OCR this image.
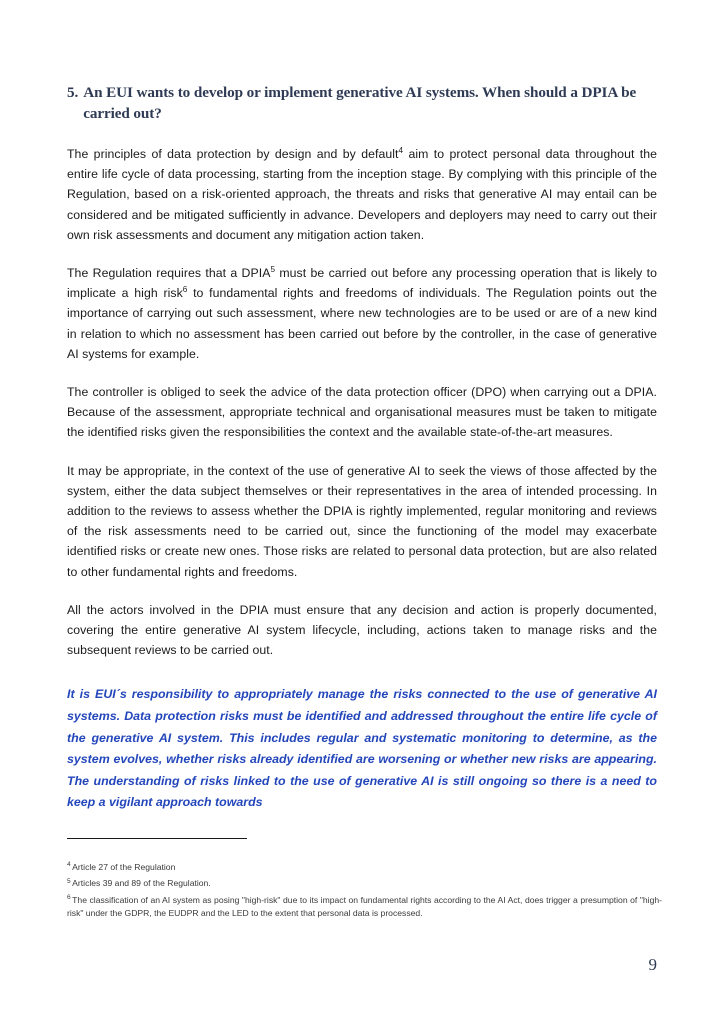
5. An EUI wants to develop or implement generative AI systems. When should a DPIA be carried out?

The principles of data protection by design and by default$^4$ aim to protect personal data throughout the entire life cycle of data processing, starting from the inception stage. By complying with this principle of the Regulation, based on a risk-oriented approach, the threats and risks that generative AI may entail can be considered and be mitigated sufficiently in advance. Developers and deployers may need to carry out their own risk assessments and document any mitigation action taken.

The Regulation requires that a DPIA$^5$ must be carried out before any processing operation that is likely to implicate a high risk$^6$ to fundamental rights and freedoms of individuals. The Regulation points out the importance of carrying out such assessment, where new technologies are to be used or are of a new kind in relation to which no assessment has been carried out before by the controller, in the case of generative AI systems for example.

The controller is obliged to seek the advice of the data protection officer (DPO) when carrying out a DPIA. Because of the assessment, appropriate technical and organisational measures must be taken to mitigate the identified risks given the responsibilities the context and the available state-of-the-art measures.

It may be appropriate, in the context of the use of generative AI to seek the views of those affected by the system, either the data subject themselves or their representatives in the area of intended processing. In addition to the reviews to assess whether the DPIA is rightly implemented, regular monitoring and reviews of the risk assessments need to be carried out, since the functioning of the model may exacerbate identified risks or create new ones. Those risks are related to personal data protection, but are also related to other fundamental rights and freedoms.

All the actors involved in the DPIA must ensure that any decision and action is properly documented, covering the entire generative AI system lifecycle, including, actions taken to manage risks and the subsequent reviews to be carried out.

It is EUI´s responsibility to appropriately manage the risks connected to the use of generative AI systems. Data protection risks must be identified and addressed throughout the entire life cycle of the generative AI system. This includes regular and systematic monitoring to determine, as the system evolves, whether risks already identified are worsening or whether new risks are appearing. The understanding of risks linked to the use of generative AI is still ongoing so there is a need to keep a vigilant approach towards

$^4$ Article 27 of the Regulation

$^5$ Articles 39 and 89 of the Regulation.

$^6$ The classification of an AI system as posing "high-risk" due to its impact on fundamental rights according to the AI Act, does trigger a presumption of "high-risk" under the GDPR, the EUDPR and the LED to the extent that personal data is processed.

9
